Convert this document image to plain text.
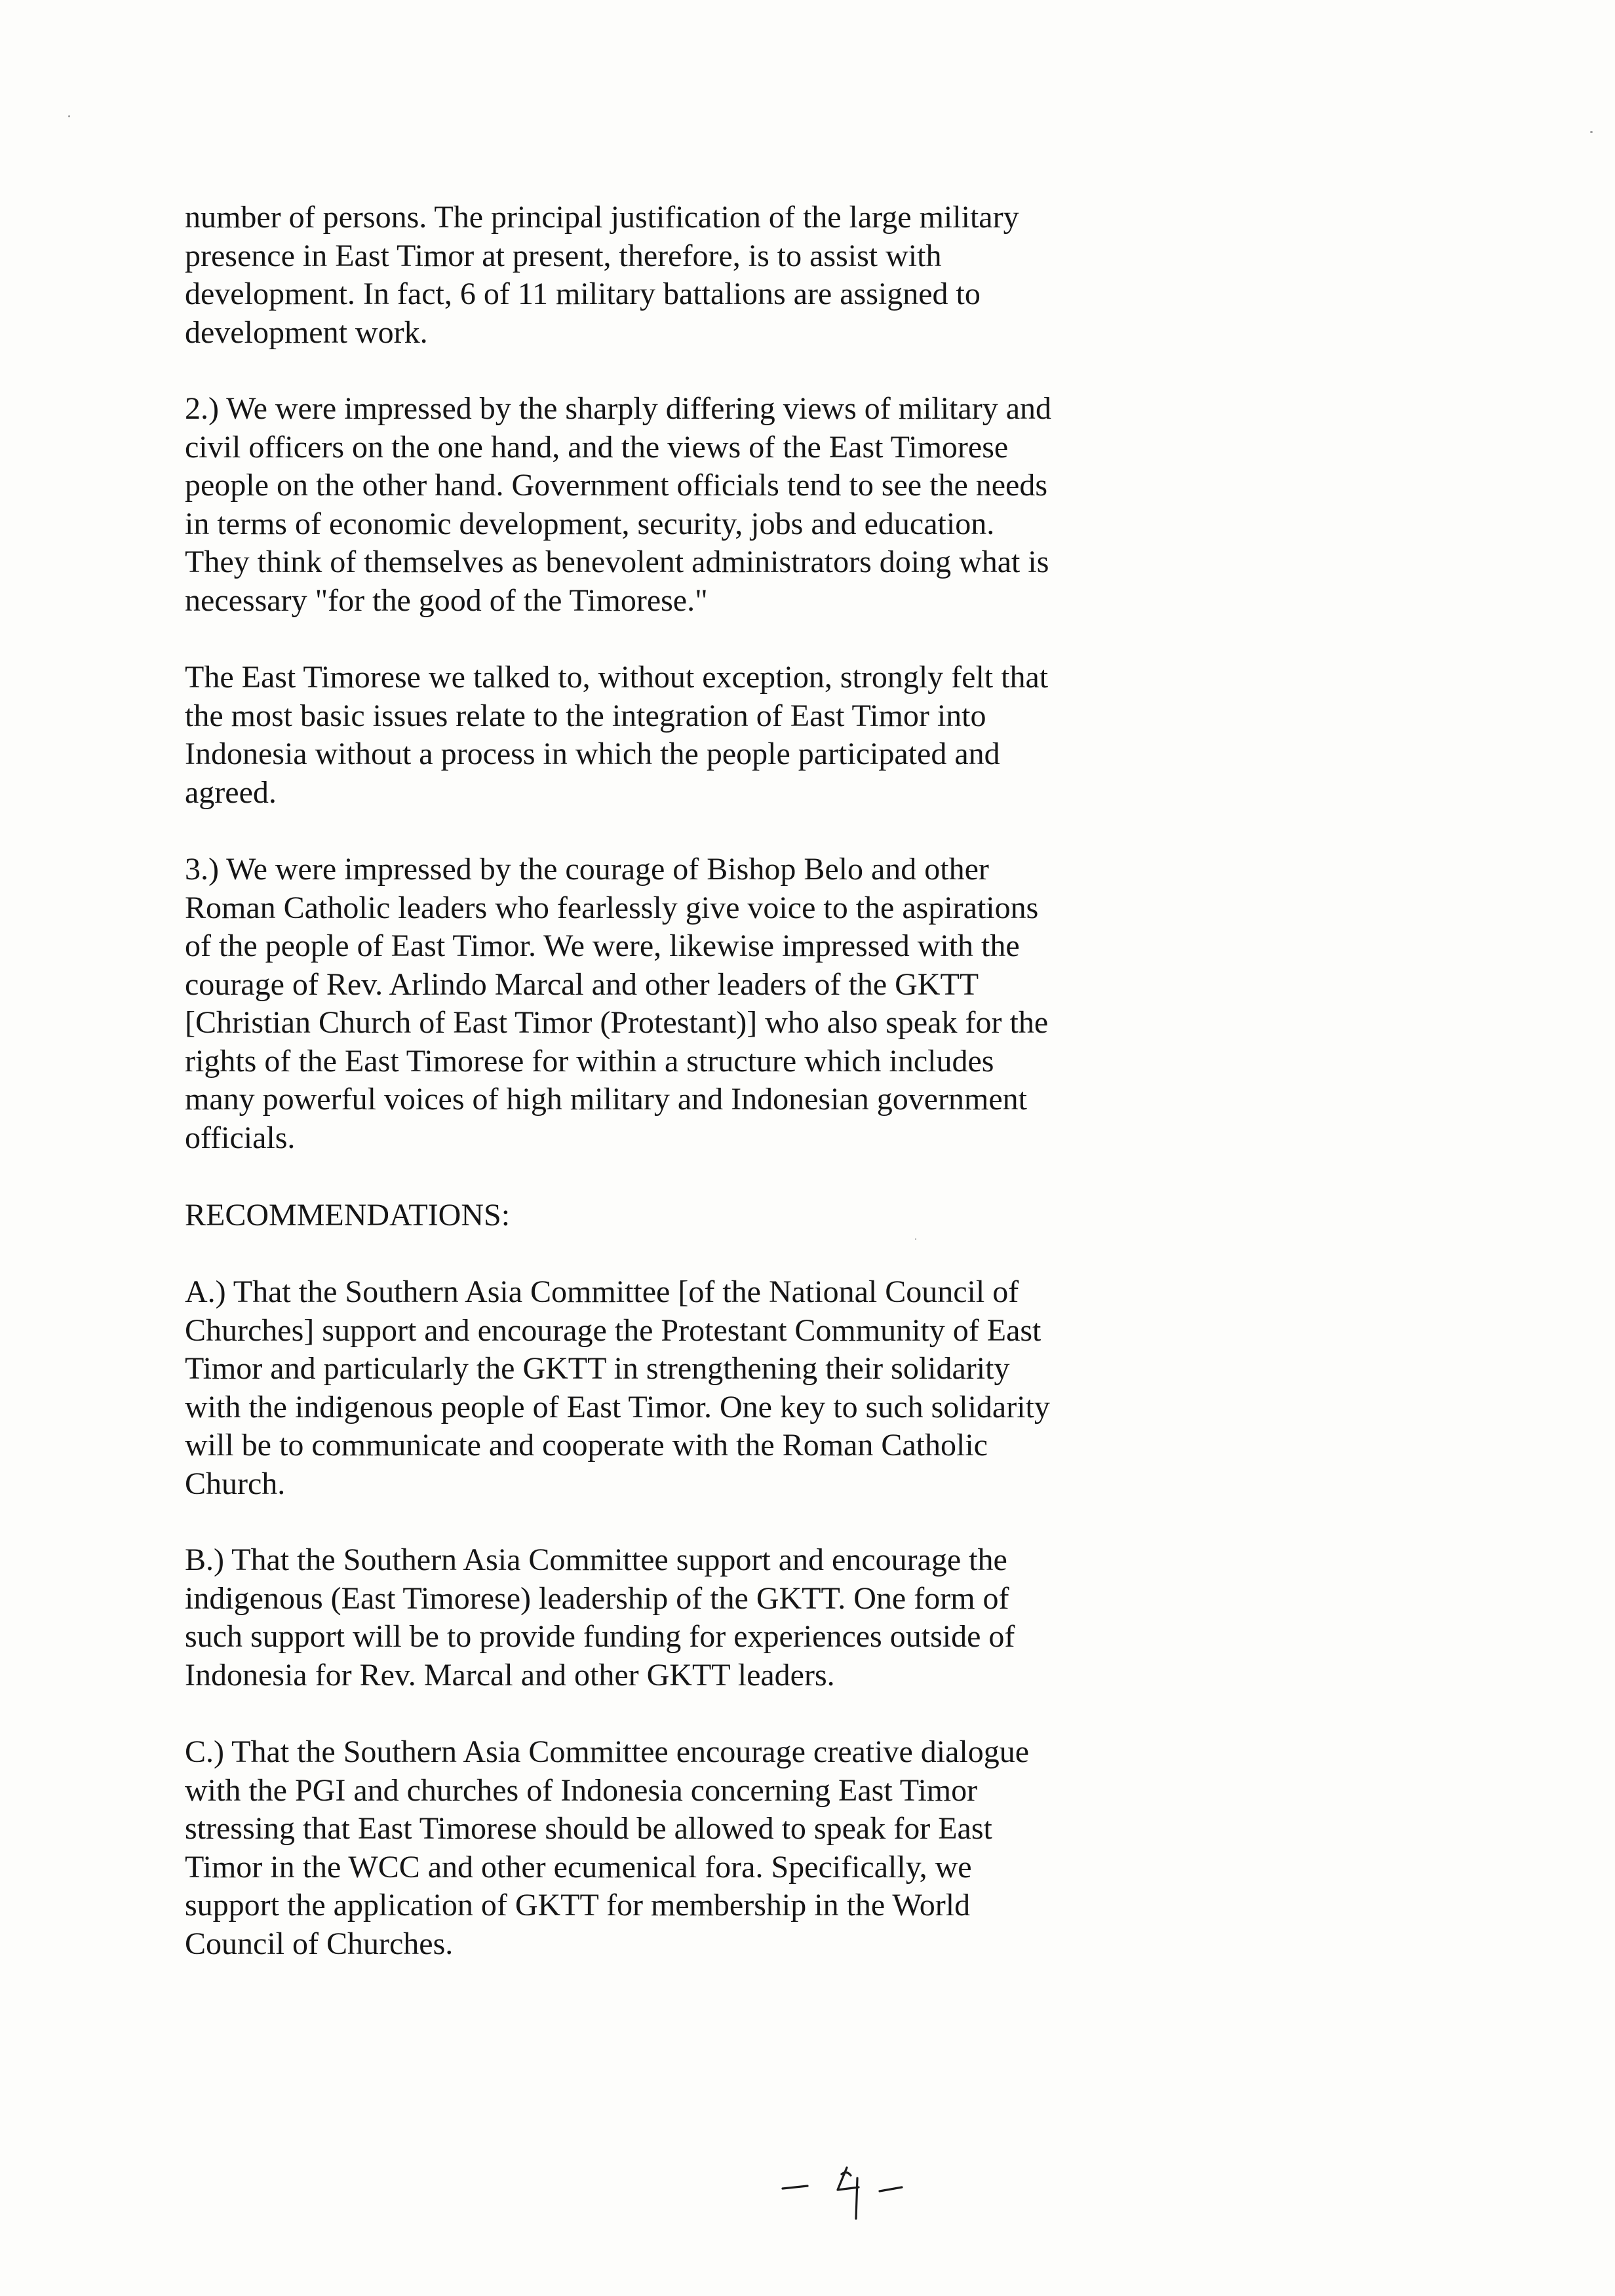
number of persons. The principal justification of the large military
presence in East Timor at present, therefore, is to assist with
development. In fact, 6 of 11 military battalions are assigned to
development work.

2.) We were impressed by the sharply differing views of military and
civil officers on the one hand, and the views of the East Timorese
people on the other hand. Government officials tend to see the needs
in terms of economic development, security, jobs and education.
They think of themselves as benevolent administrators doing what is
necessary "for the good of the Timorese."

The East Timorese we talked to, without exception, strongly felt that
the most basic issues relate to the integration of East Timor into
Indonesia without a process in which the people participated and
agreed.

3.) We were impressed by the courage of Bishop Belo and other
Roman Catholic leaders who fearlessly give voice to the aspirations
of the people of East Timor. We were, likewise impressed with the
courage of Rev. Arlindo Marcal and other leaders of the GKTT
[Christian Church of East Timor (Protestant)] who also speak for the
rights of the East Timorese for within a structure which includes
many powerful voices of high military and Indonesian government
officials.

RECOMMENDATIONS:

A.) That the Southern Asia Committee [of the National Council of
Churches] support and encourage the Protestant Community of East
Timor and particularly the GKTT in strengthening their solidarity
with the indigenous people of East Timor. One key to such solidarity
will be to communicate and cooperate with the Roman Catholic
Church.

B.) That the Southern Asia Committee support and encourage the
indigenous (East Timorese) leadership of the GKTT. One form of
such support will be to provide funding for experiences outside of
Indonesia for Rev. Marcal and other GKTT leaders.

C.) That the Southern Asia Committee encourage creative dialogue
with the PGI and churches of Indonesia concerning East Timor
stressing that East Timorese should be allowed to speak for East
Timor in the WCC and other ecumenical fora. Specifically, we
support the application of GKTT for membership in the World
Council of Churches.
